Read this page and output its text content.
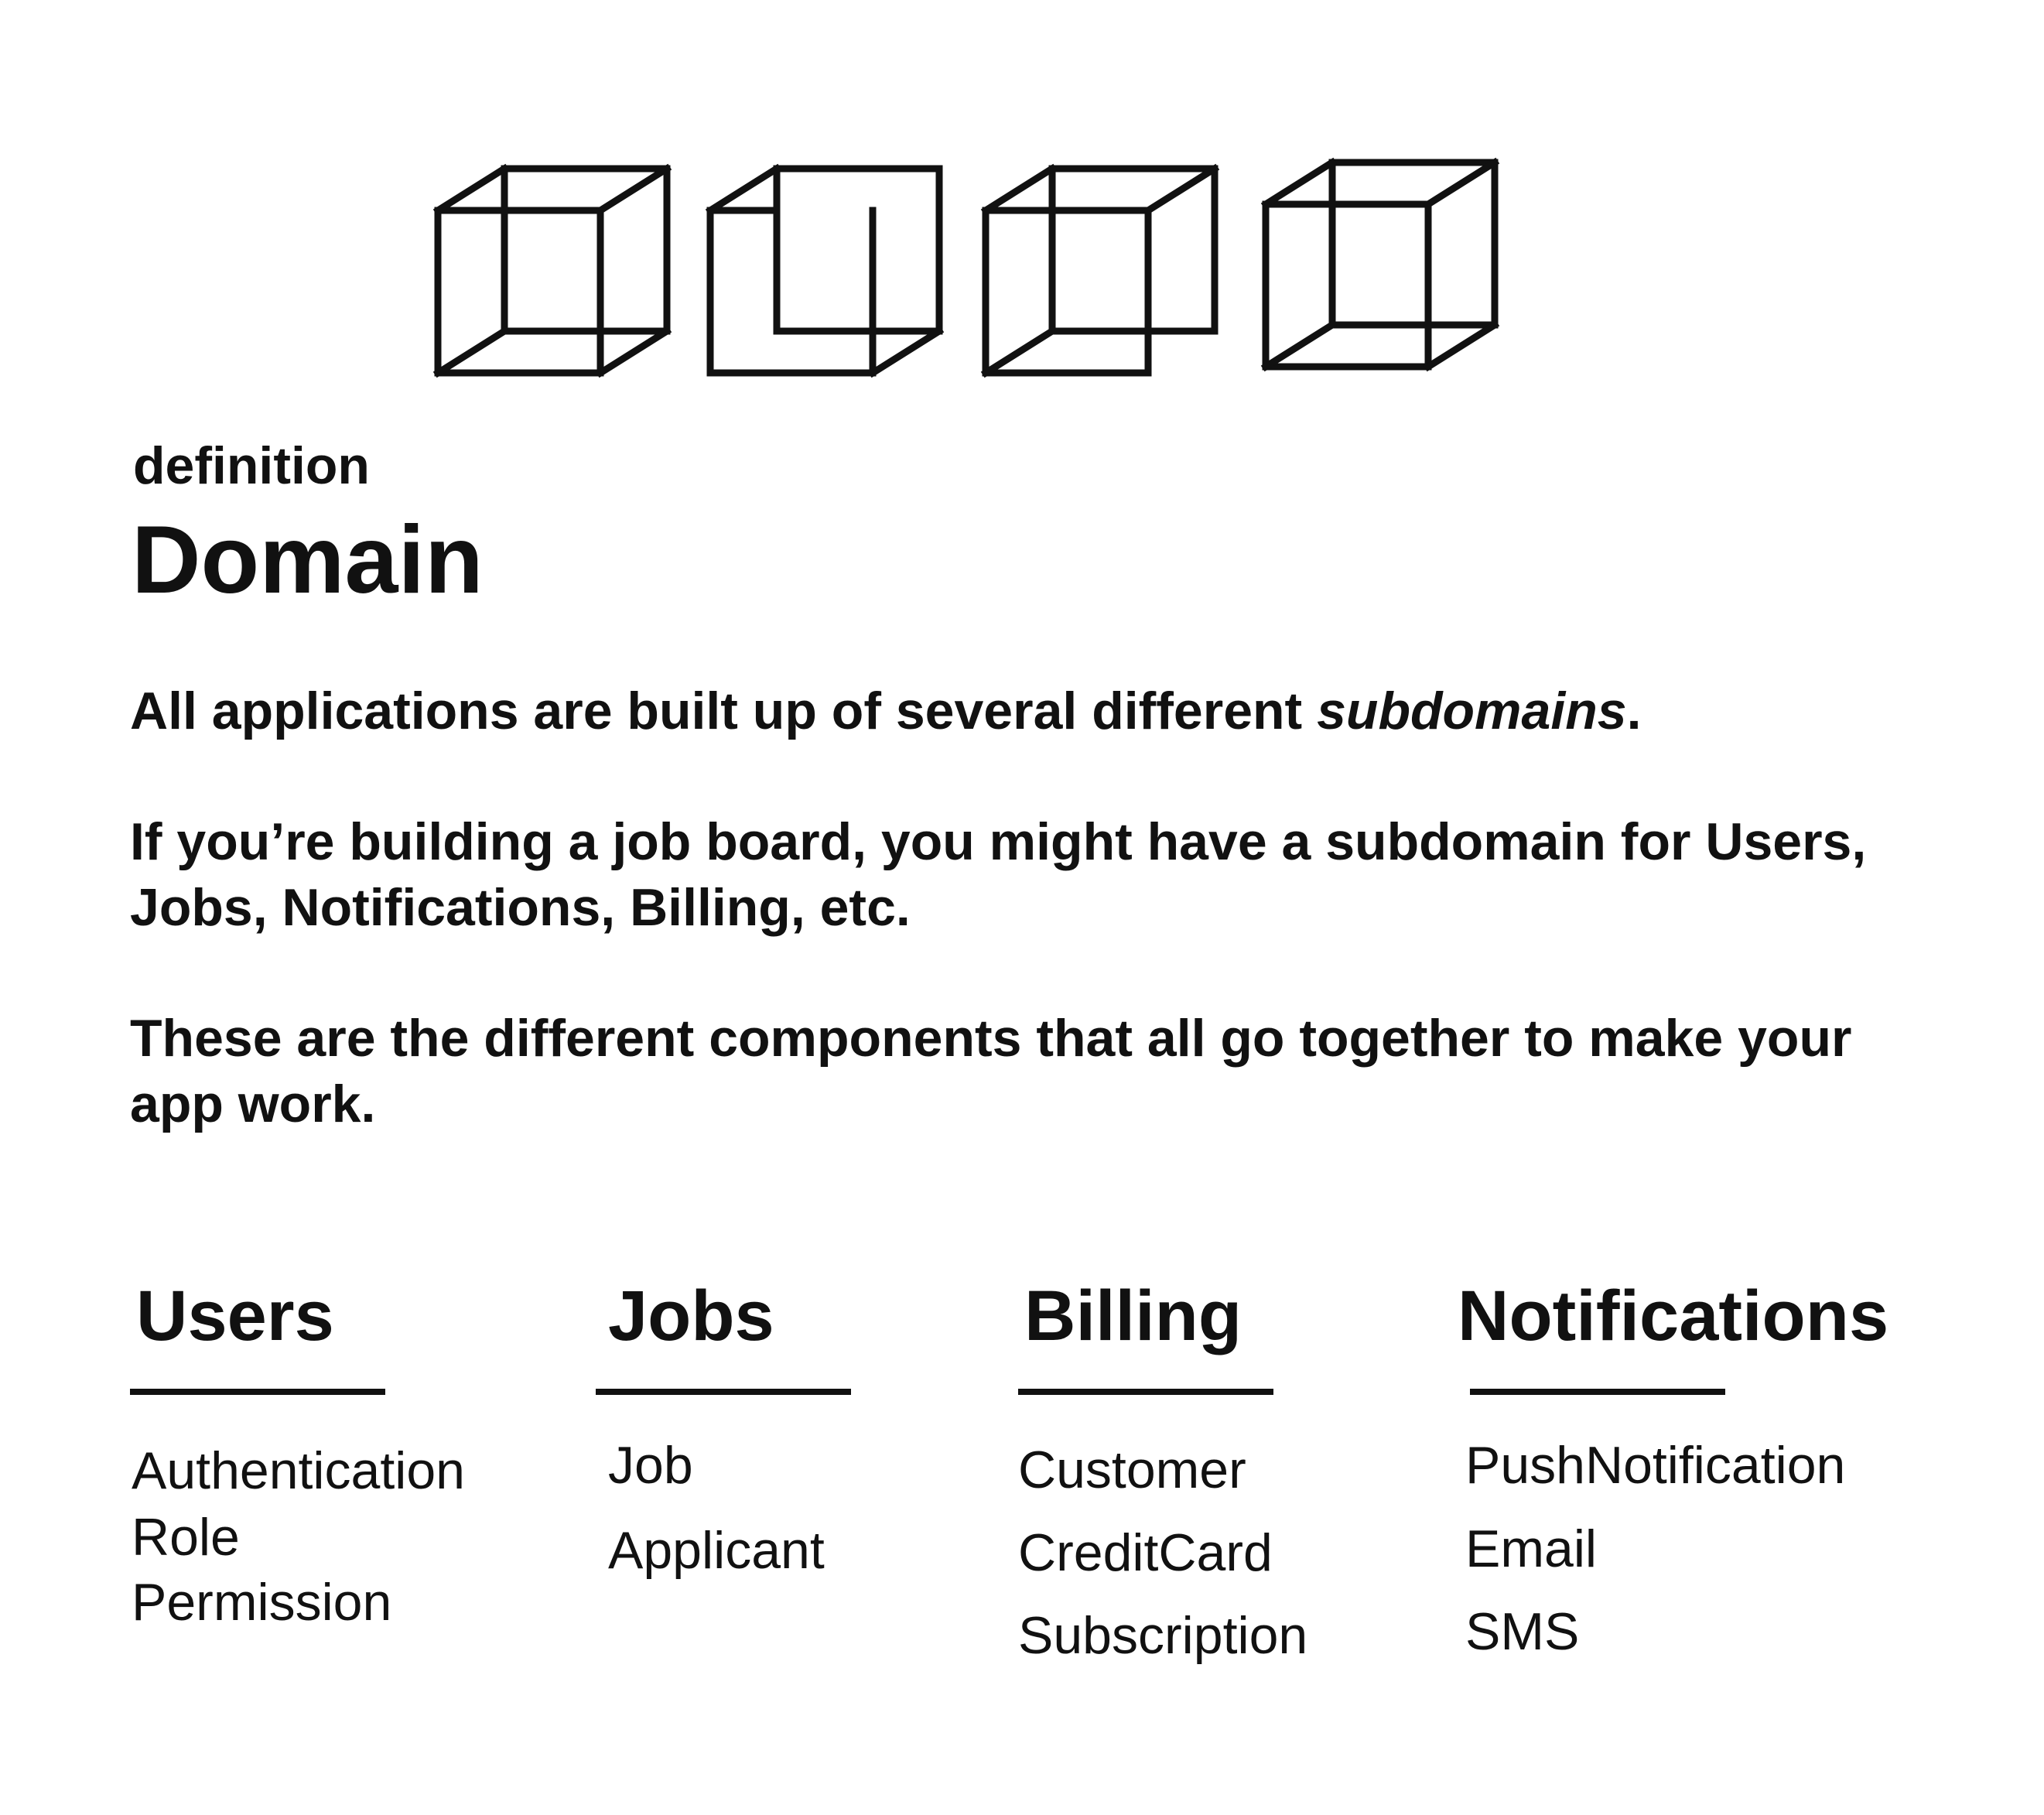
definition
Domain

All applications are built up of several different subdomains.

If you’re building a job board, you might have a subdomain for Users,
Jobs, Notifications, Billing, etc.

These are the different components that all go together to make your
app work.

Users
Authentication
Role
Permission
Jobs
Job
Applicant
Billing
Customer
CreditCard
Subscription
Notifications
PushNotification
Email
SMS
